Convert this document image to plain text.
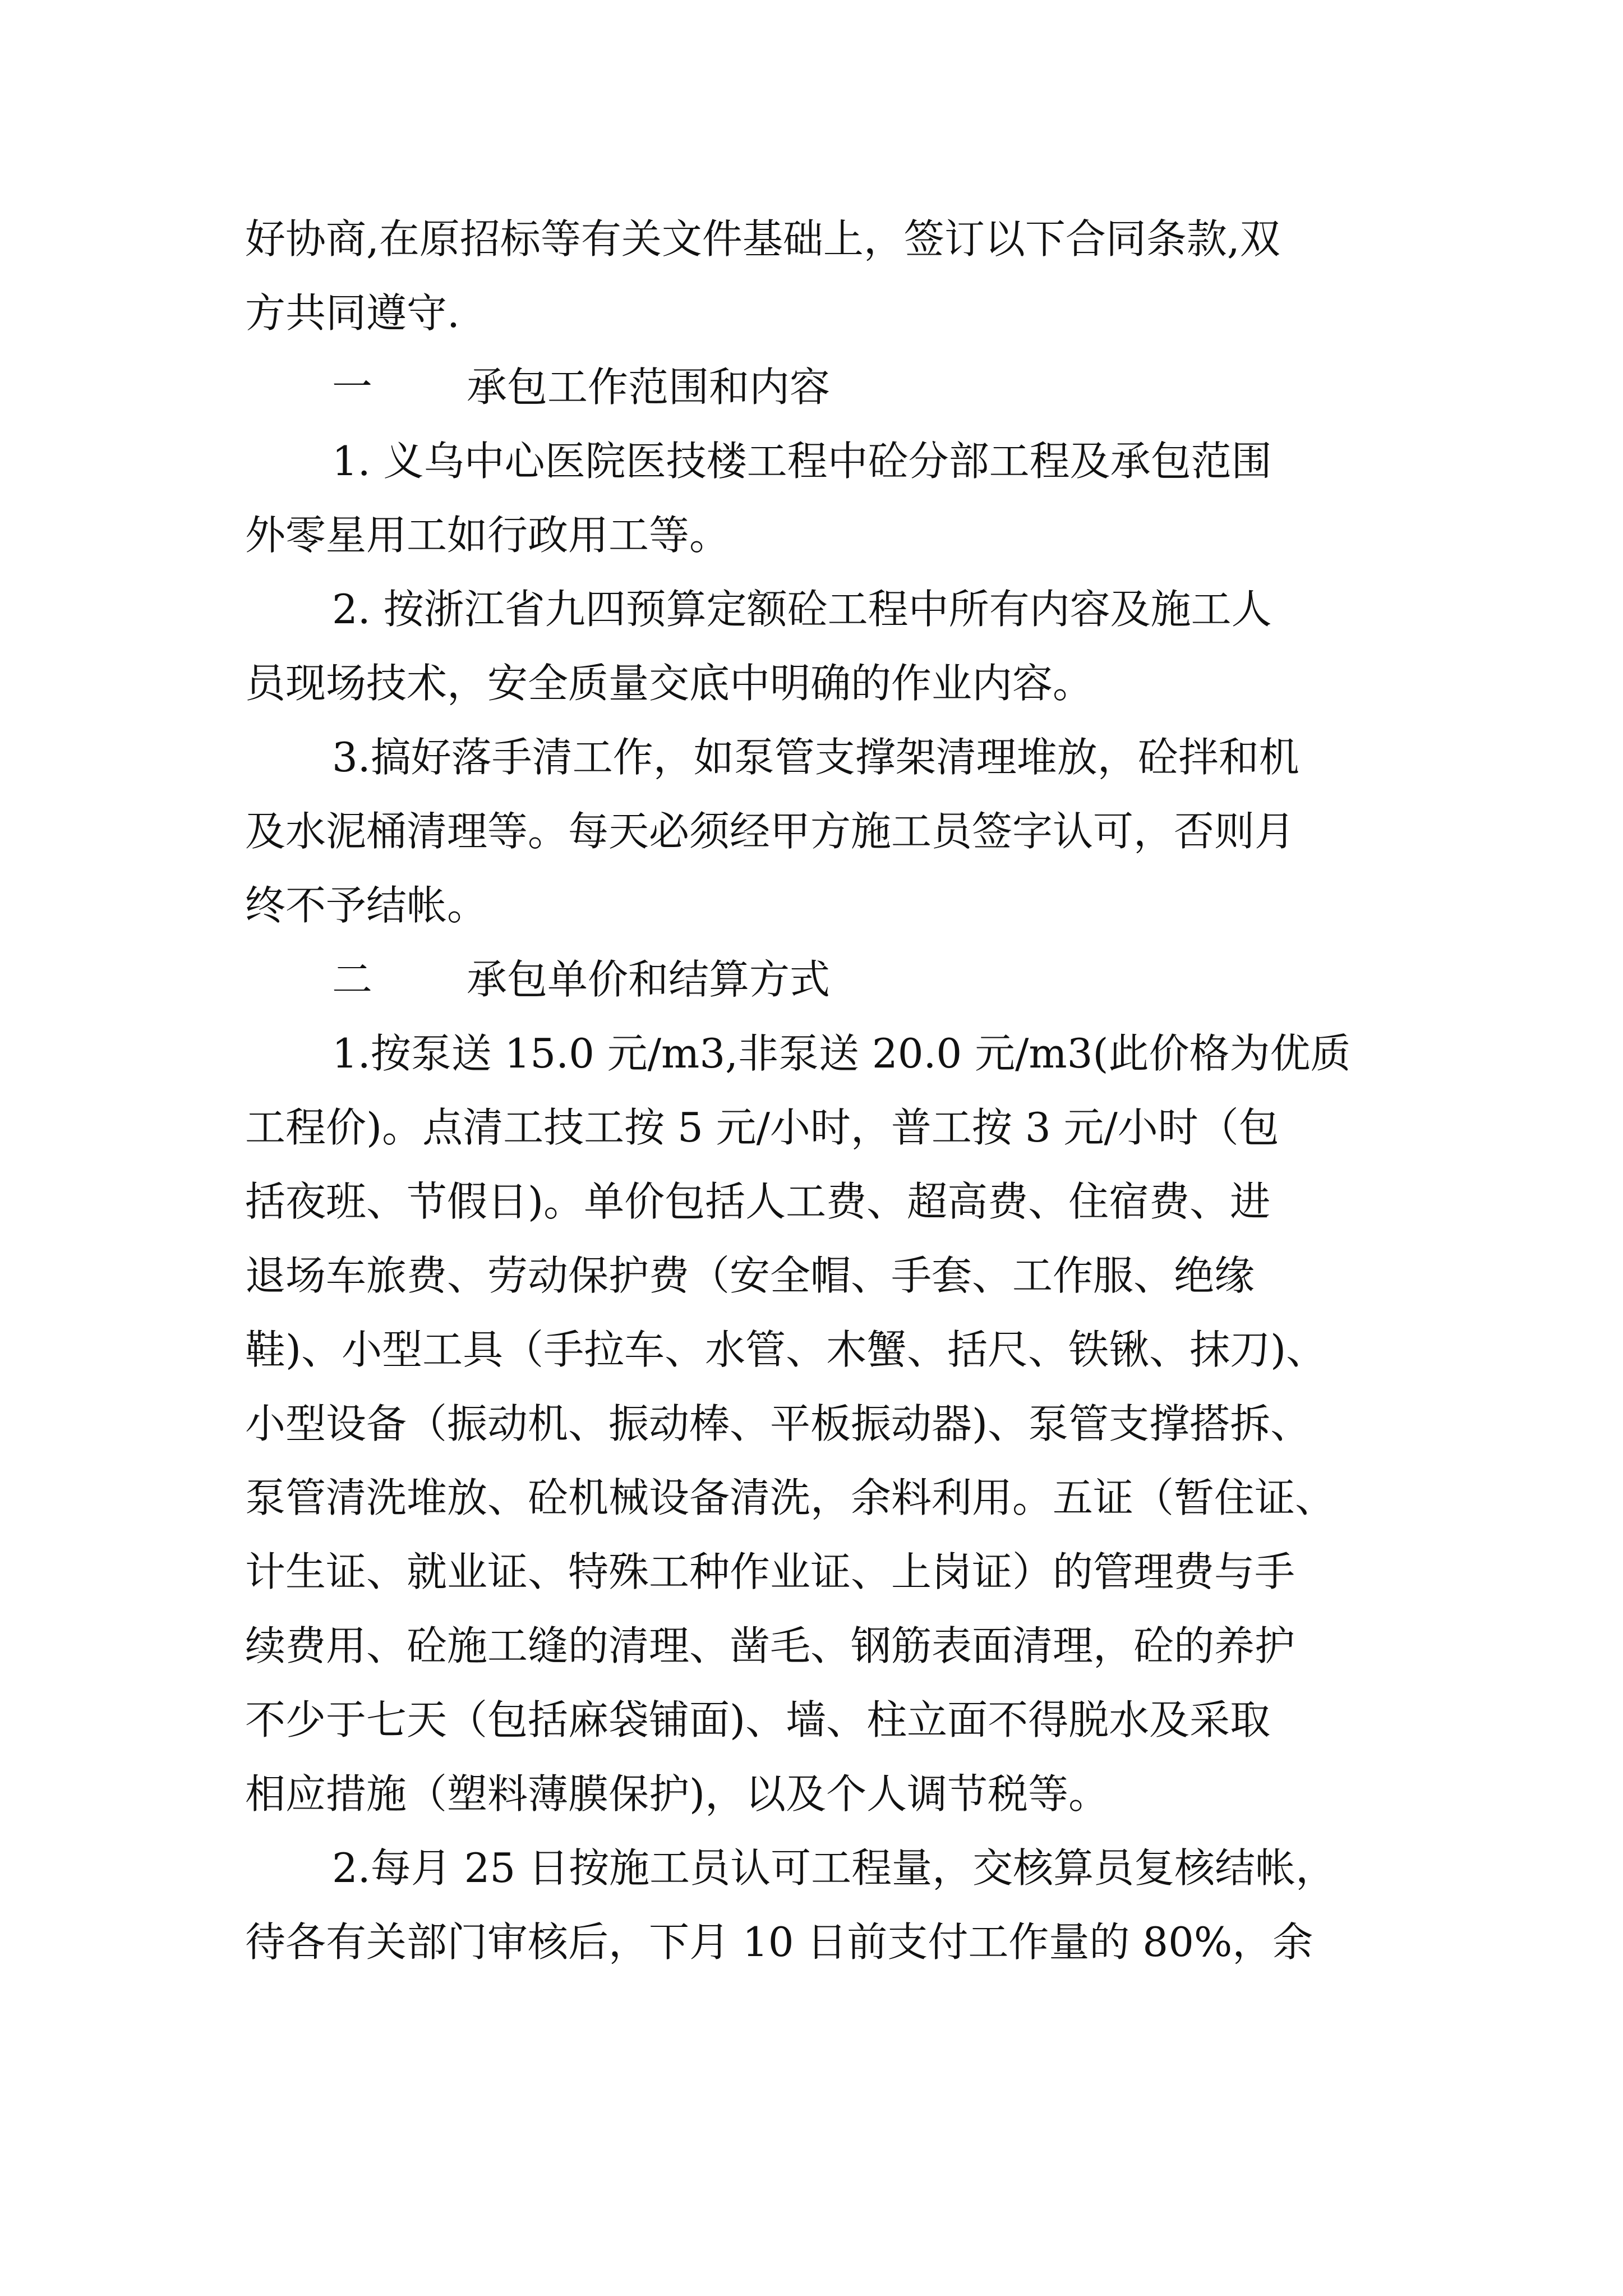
好协商,在原招标等有关文件基础上，签订以下合同条款,双
方共同遵守.
一 承包工作范围和内容
1. 义乌中心医院医技楼工程中砼分部工程及承包范围
外零星用工如行政用工等。
2. 按浙江省九四预算定额砼工程中所有内容及施工人
员现场技术，安全质量交底中明确的作业内容。
3.搞好落手清工作，如泵管支撑架清理堆放，砼拌和机
及水泥桶清理等。每天必须经甲方施工员签字认可，否则月
终不予结帐。
二 承包单价和结算方式
1.按泵送 15.0 元/m3,非泵送 20.0 元/m3(此价格为优质
工程价)。点清工技工按 5 元/小时，普工按 3 元/小时（包
括夜班、节假日)。单价包括人工费、超高费、住宿费、进
退场车旅费、劳动保护费（安全帽、手套、工作服、绝缘
鞋)、小型工具（手拉车、水管、木蟹、括尺、铁锹、抹刀)、
小型设备（振动机、振动棒、平板振动器)、泵管支撑搭拆、
泵管清洗堆放、砼机械设备清洗，余料利用。五证（暂住证、
计生证、就业证、特殊工种作业证、上岗证）的管理费与手
续费用、砼施工缝的清理、凿毛、钢筋表面清理，砼的养护
不少于七天（包括麻袋铺面)、墙、柱立面不得脱水及采取
相应措施（塑料薄膜保护)，以及个人调节税等。
2.每月 25 日按施工员认可工程量，交核算员复核结帐，
待各有关部门审核后，下月 10 日前支付工作量的 80%，余
